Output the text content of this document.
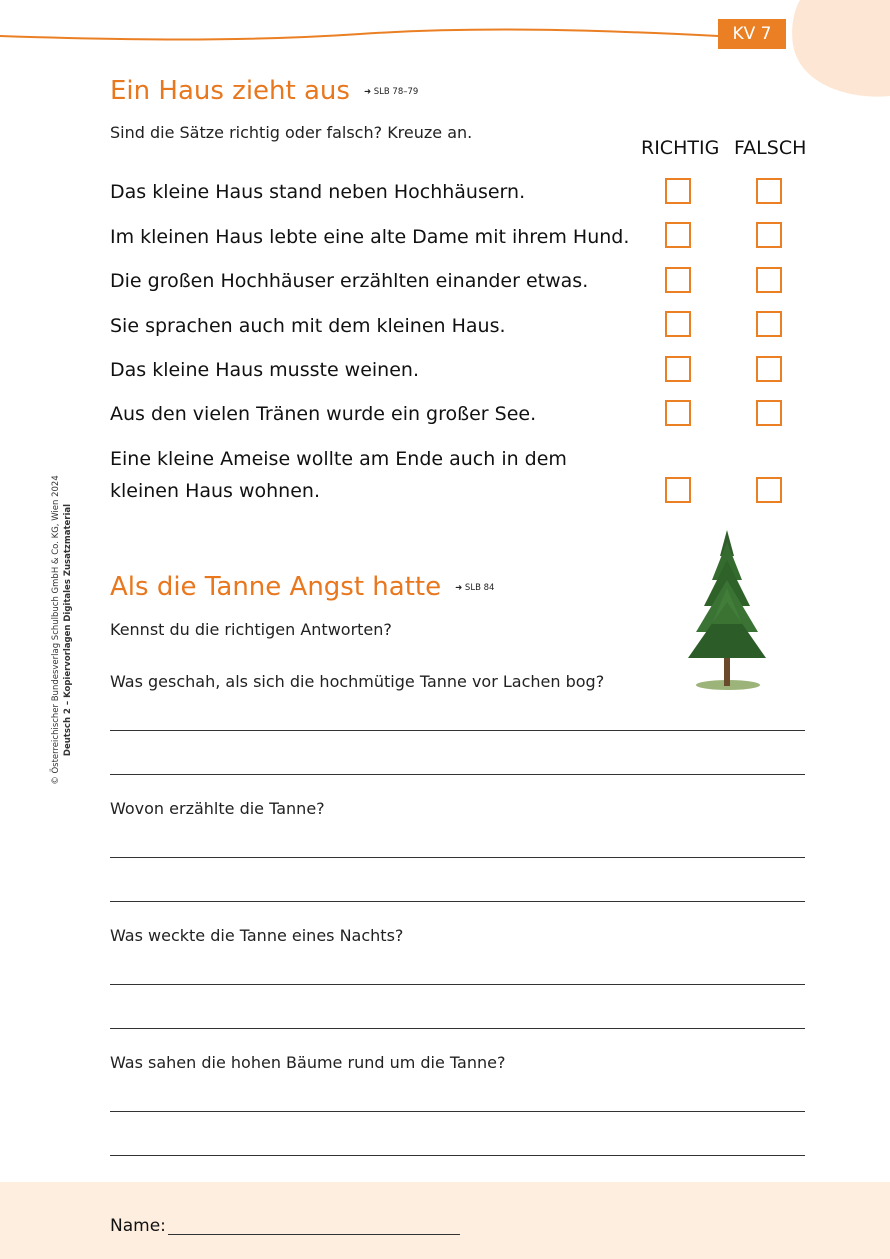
KV 7
Ein Haus zieht aus ➜ SLB 78–79
Sind die Sätze richtig oder falsch? Kreuze an.
RICHTIG FALSCH
Das kleine Haus stand neben Hochhäusern.
Im kleinen Haus lebte eine alte Dame mit ihrem Hund.
Die großen Hochhäuser erzählten einander etwas.
Sie sprachen auch mit dem kleinen Haus.
Das kleine Haus musste weinen.
Aus den vielen Tränen wurde ein großer See.
Eine kleine Ameise wollte am Ende auch in dem kleinen Haus wohnen.
Als die Tanne Angst hatte ➜ SLB 84
Kennst du die richtigen Antworten?
Was geschah, als sich die hochmütige Tanne vor Lachen bog?
Wovon erzählte die Tanne?
Was weckte die Tanne eines Nachts?
Was sahen die hohen Bäume rund um die Tanne?
© Österreichischer Bundesverlag Schulbuch GmbH & Co. KG, Wien 2024 Deutsch 2 – Kopiervorlagen Digitales Zusatzmaterial
Name:
